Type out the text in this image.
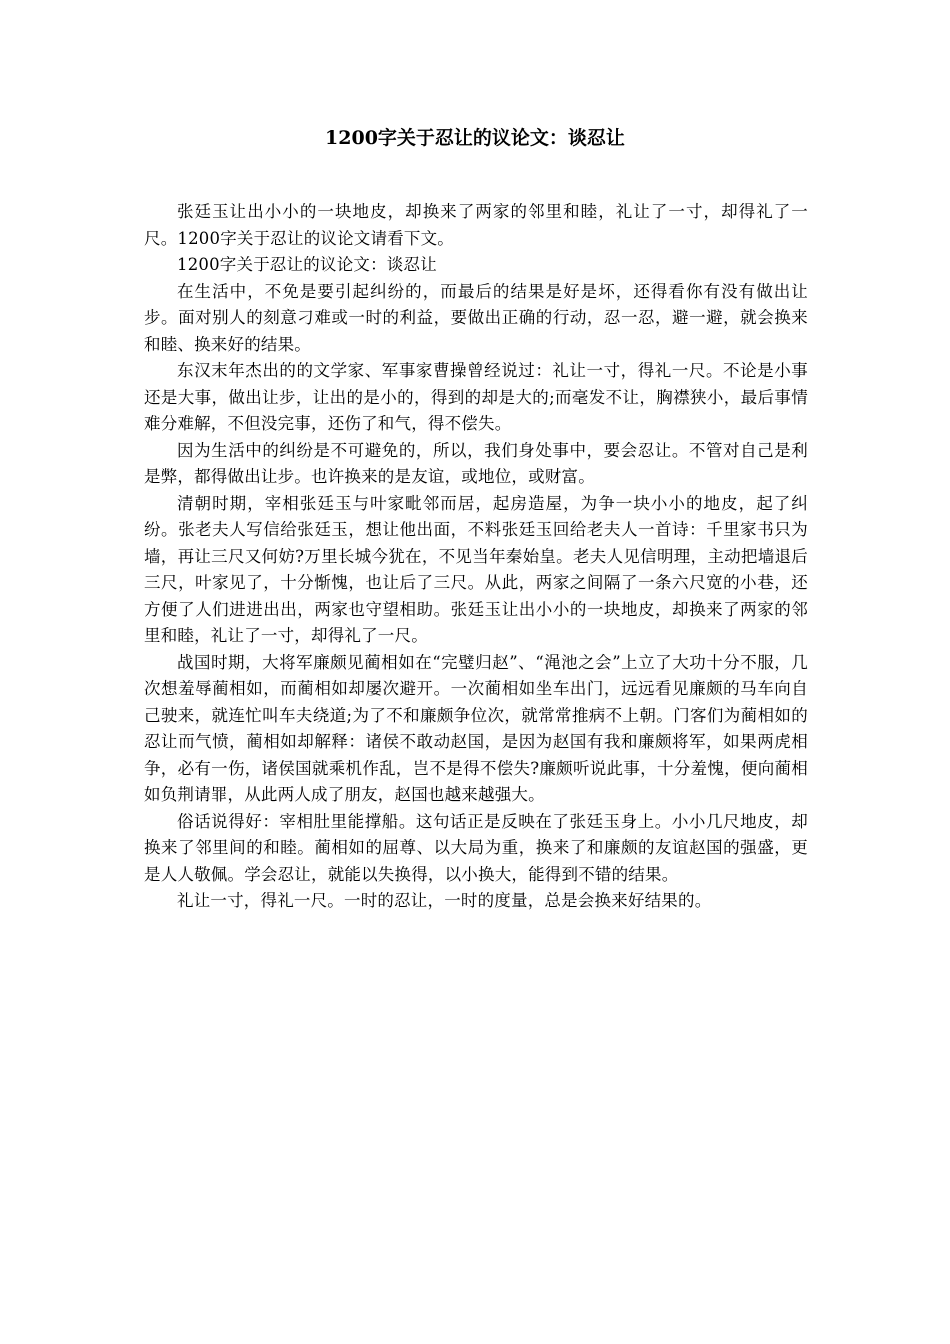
1200字关于忍让的议论文：谈忍让

张廷玉让出小小的一块地皮，却换来了两家的邻里和睦，礼让了一寸，却得礼了一尺。1200字关于忍让的议论文请看下文。

1200字关于忍让的议论文：谈忍让

在生活中，不免是要引起纠纷的，而最后的结果是好是坏，还得看你有没有做出让步。面对别人的刻意刁难或一时的利益，要做出正确的行动，忍一忍，避一避，就会换来和睦、换来好的结果。

东汉末年杰出的的文学家、军事家曹操曾经说过：礼让一寸，得礼一尺。不论是小事还是大事，做出让步，让出的是小的，得到的却是大的;而毫发不让，胸襟狭小，最后事情难分难解，不但没完事，还伤了和气，得不偿失。

因为生活中的纠纷是不可避免的，所以，我们身处事中，要会忍让。不管对自己是利是弊，都得做出让步。也许换来的是友谊，或地位，或财富。

清朝时期，宰相张廷玉与叶家毗邻而居，起房造屋，为争一块小小的地皮，起了纠纷。张老夫人写信给张廷玉，想让他出面，不料张廷玉回给老夫人一首诗：千里家书只为墙，再让三尺又何妨?万里长城今犹在，不见当年秦始皇。老夫人见信明理，主动把墙退后三尺，叶家见了，十分惭愧，也让后了三尺。从此，两家之间隔了一条六尺宽的小巷，还方便了人们进进出出，两家也守望相助。张廷玉让出小小的一块地皮，却换来了两家的邻里和睦，礼让了一寸，却得礼了一尺。

战国时期，大将军廉颇见蔺相如在“完璧归赵”、“渑池之会”上立了大功十分不服，几次想羞辱蔺相如，而蔺相如却屡次避开。一次蔺相如坐车出门，远远看见廉颇的马车向自己驶来，就连忙叫车夫绕道;为了不和廉颇争位次，就常常推病不上朝。门客们为蔺相如的忍让而气愤，蔺相如却解释：诸侯不敢动赵国，是因为赵国有我和廉颇将军，如果两虎相争，必有一伤，诸侯国就乘机作乱，岂不是得不偿失?廉颇听说此事，十分羞愧，便向蔺相如负荆请罪，从此两人成了朋友，赵国也越来越强大。

俗话说得好：宰相肚里能撑船。这句话正是反映在了张廷玉身上。小小几尺地皮，却换来了邻里间的和睦。蔺相如的屈尊、以大局为重，换来了和廉颇的友谊赵国的强盛，更是人人敬佩。学会忍让，就能以失换得，以小换大，能得到不错的结果。

礼让一寸，得礼一尺。一时的忍让，一时的度量，总是会换来好结果的。
